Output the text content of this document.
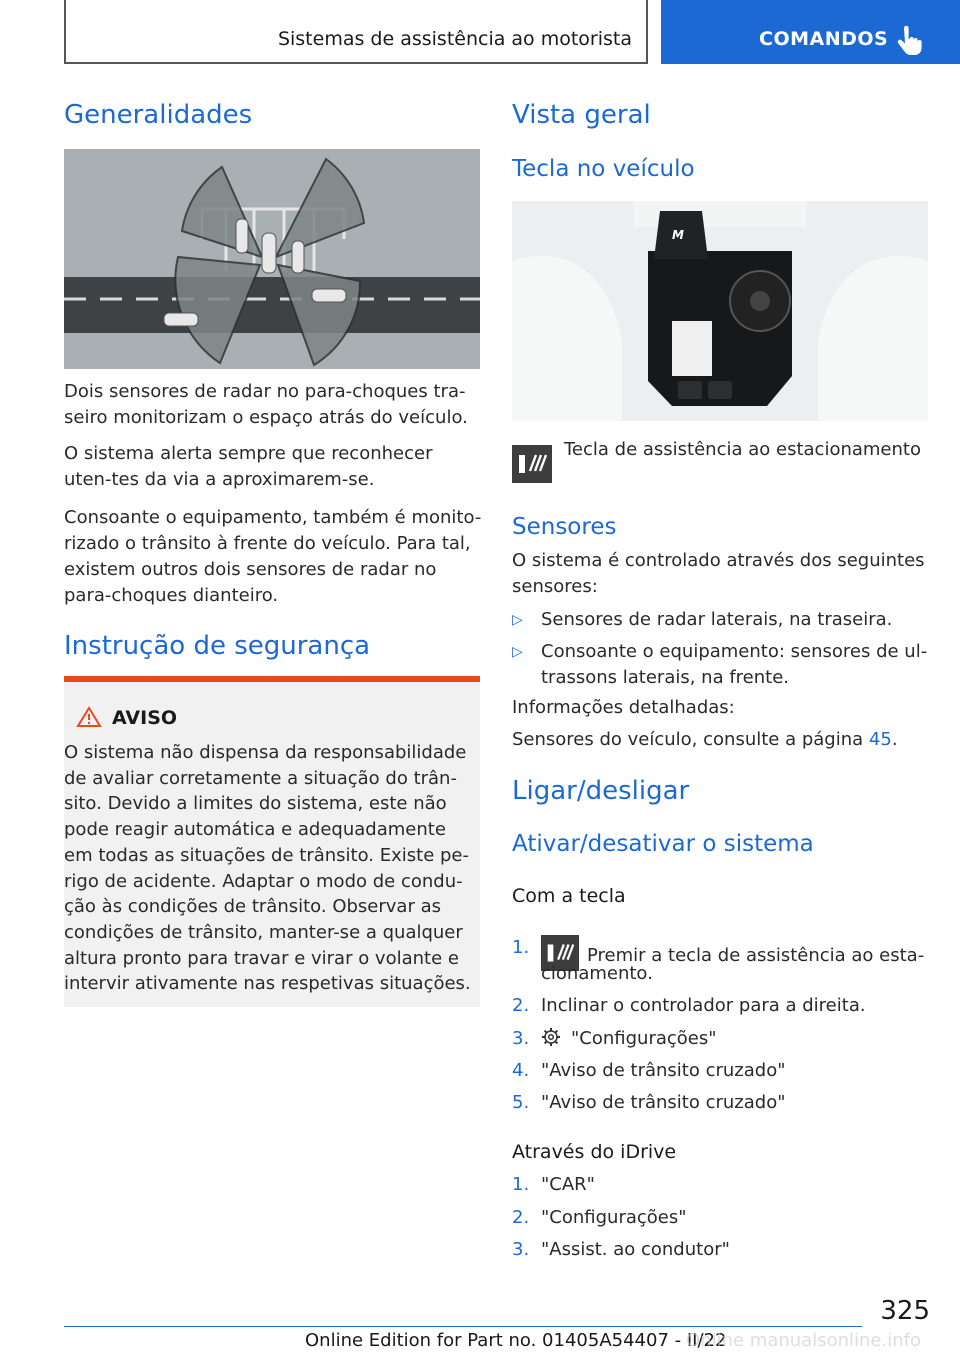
Sistemas de assistência ao motorista	COMANDOS
Generalidades

Dois sensores de radar no para-choques tra-seiro monitorizam o espaço atrás do veículo.

O sistema alerta sempre que reconhecer uten-tes da via a aproximarem-se.

Consoante o equipamento, também é monito-rizado o trânsito à frente do veículo. Para tal, existem outros dois sensores de radar no para-choques dianteiro.

Instrução de segurança
AVISO

O sistema não dispensa da responsabilidade de avaliar corretamente a situação do trân-sito. Devido a limites do sistema, este não pode reagir automática e adequadamente em todas as situações de trânsito. Existe pe-rigo de acidente. Adaptar o modo de condu-ção às condições de trânsito. Observar as condições de trânsito, manter-se a qualquer altura pronto para travar e virar o volante e intervir ativamente nas respetivas situações.

Vista geral
Tecla no veículo
M

Tecla de assistência ao estacionamento

Sensores

O sistema é controlado através dos seguintes sensores:

▷ Sensores de radar laterais, na traseira.
▷ Consoante o equipamento: sensores de ul-trassons laterais, na frente.

Informações detalhadas:

Sensores do veículo, consulte a página 45.

Ligar/desligar
Ativar/desativar o sistema
Com a tecla
1.	Premir a tecla de assistência ao esta-
cionamento.
2. Inclinar o controlador para a direita.
3.	"Configurações"
4. "Aviso de trânsito cruzado"
5. "Aviso de trânsito cruzado"
Através do iDrive
1. "CAR"
2. "Configurações"
3. "Assist. ao condutor"
325
Online Edition for Part no. 01405A54407 - II/22
Online manualsonline.info
